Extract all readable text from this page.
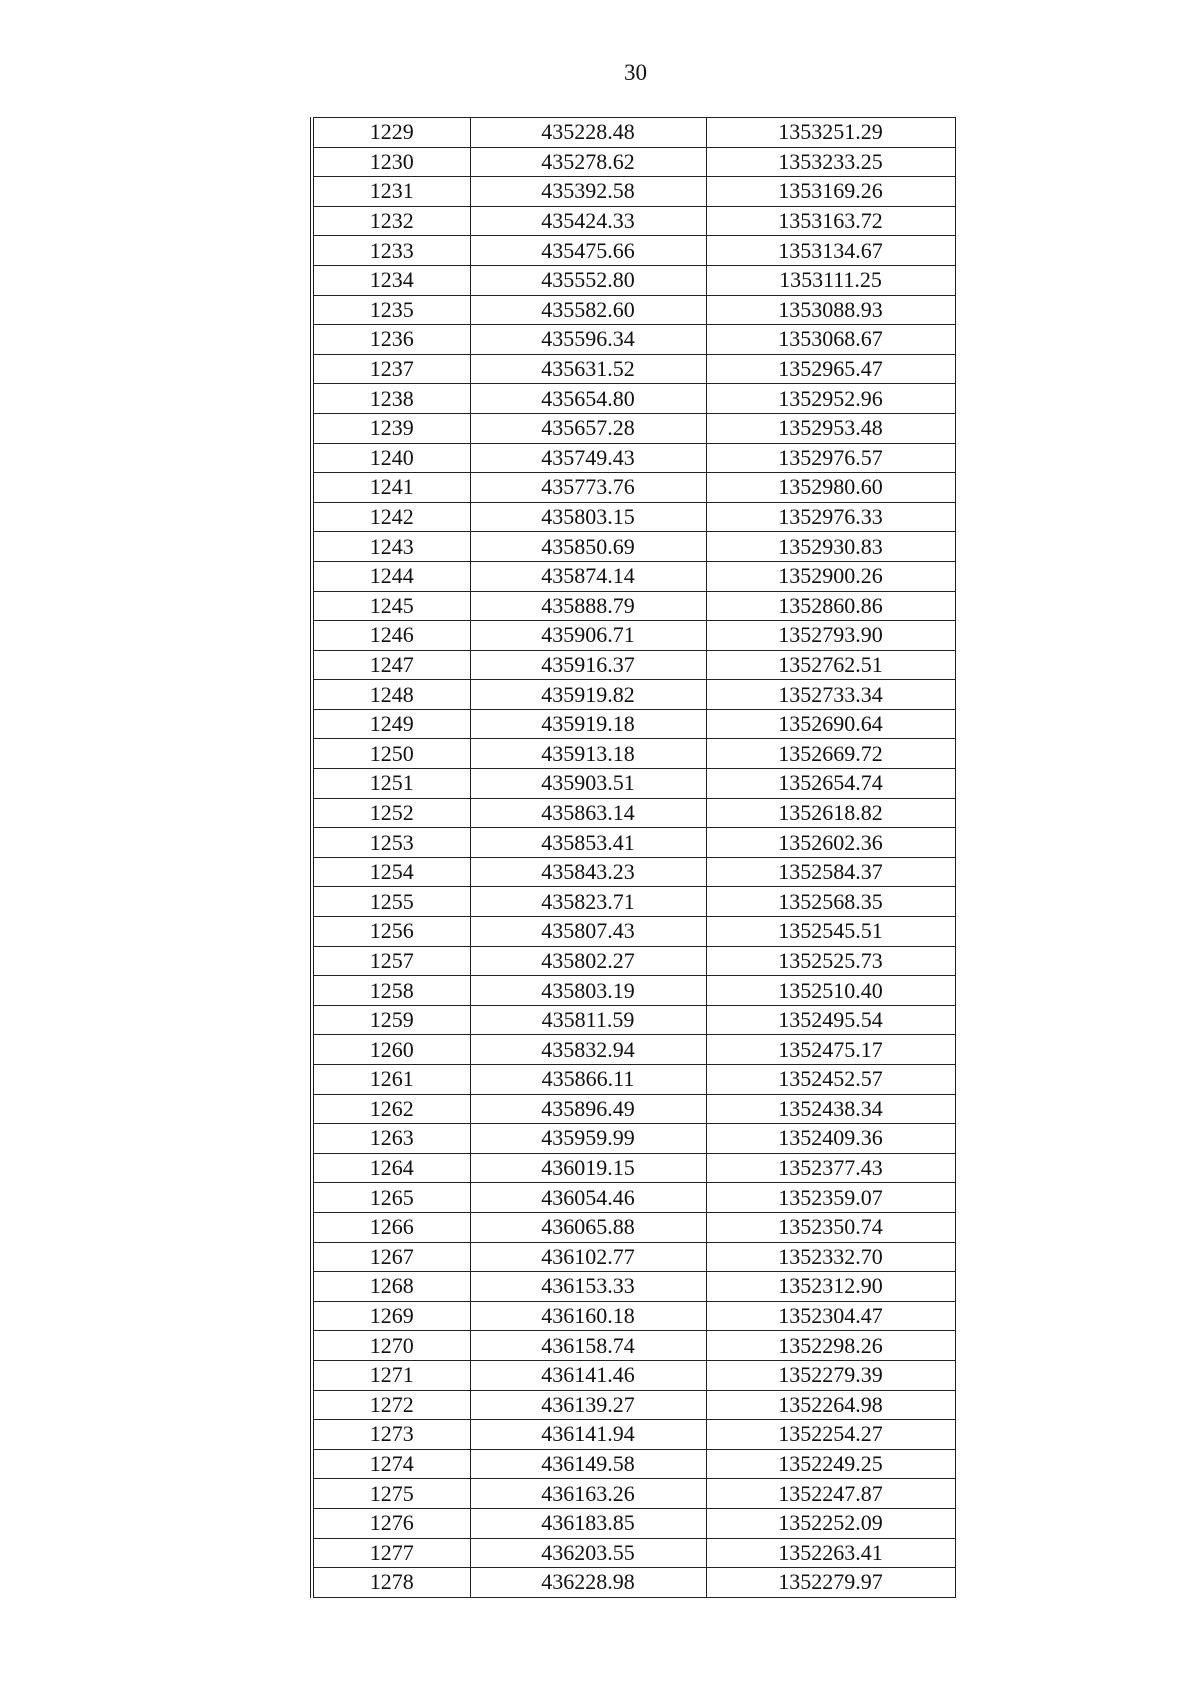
30
1229	435228.48	1353251.29
1230	435278.62	1353233.25
1231	435392.58	1353169.26
1232	435424.33	1353163.72
1233	435475.66	1353134.67
1234	435552.80	1353111.25
1235	435582.60	1353088.93
1236	435596.34	1353068.67
1237	435631.52	1352965.47
1238	435654.80	1352952.96
1239	435657.28	1352953.48
1240	435749.43	1352976.57
1241	435773.76	1352980.60
1242	435803.15	1352976.33
1243	435850.69	1352930.83
1244	435874.14	1352900.26
1245	435888.79	1352860.86
1246	435906.71	1352793.90
1247	435916.37	1352762.51
1248	435919.82	1352733.34
1249	435919.18	1352690.64
1250	435913.18	1352669.72
1251	435903.51	1352654.74
1252	435863.14	1352618.82
1253	435853.41	1352602.36
1254	435843.23	1352584.37
1255	435823.71	1352568.35
1256	435807.43	1352545.51
1257	435802.27	1352525.73
1258	435803.19	1352510.40
1259	435811.59	1352495.54
1260	435832.94	1352475.17
1261	435866.11	1352452.57
1262	435896.49	1352438.34
1263	435959.99	1352409.36
1264	436019.15	1352377.43
1265	436054.46	1352359.07
1266	436065.88	1352350.74
1267	436102.77	1352332.70
1268	436153.33	1352312.90
1269	436160.18	1352304.47
1270	436158.74	1352298.26
1271	436141.46	1352279.39
1272	436139.27	1352264.98
1273	436141.94	1352254.27
1274	436149.58	1352249.25
1275	436163.26	1352247.87
1276	436183.85	1352252.09
1277	436203.55	1352263.41
1278	436228.98	1352279.97
